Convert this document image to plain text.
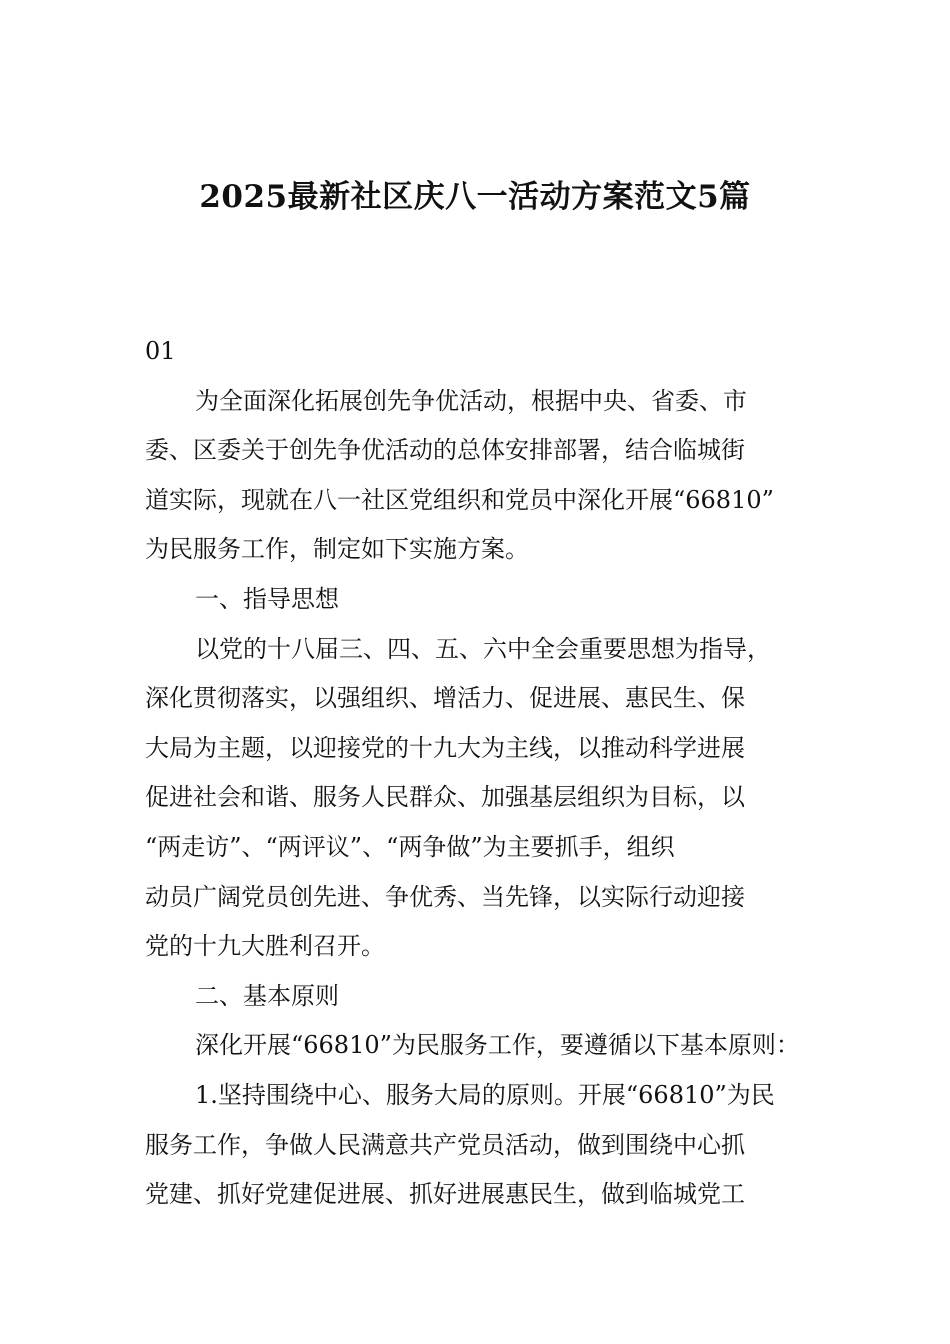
2025最新社区庆八一活动方案范文5篇
01
为全面深化拓展创先争优活动，根据中央、省委、市
委、区委关于创先争优活动的总体安排部署，结合临城街
道实际，现就在八一社区党组织和党员中深化开展“66810”
为民服务工作，制定如下实施方案。
一、指导思想
以党的十八届三、四、五、六中全会重要思想为指导，
深化贯彻落实，以强组织、增活力、促进展、惠民生、保
大局为主题，以迎接党的十九大为主线，以推动科学进展
促进社会和谐、服务人民群众、加强基层组织为目标，以
“两走访”、“两评议”、“两争做”为主要抓手，组织
动员广阔党员创先进、争优秀、当先锋，以实际行动迎接
党的十九大胜利召开。
二、基本原则
深化开展“66810”为民服务工作，要遵循以下基本原则：
1.坚持围绕中心、服务大局的原则。开展“66810”为民
服务工作，争做人民满意共产党员活动，做到围绕中心抓
党建、抓好党建促进展、抓好进展惠民生，做到临城党工
